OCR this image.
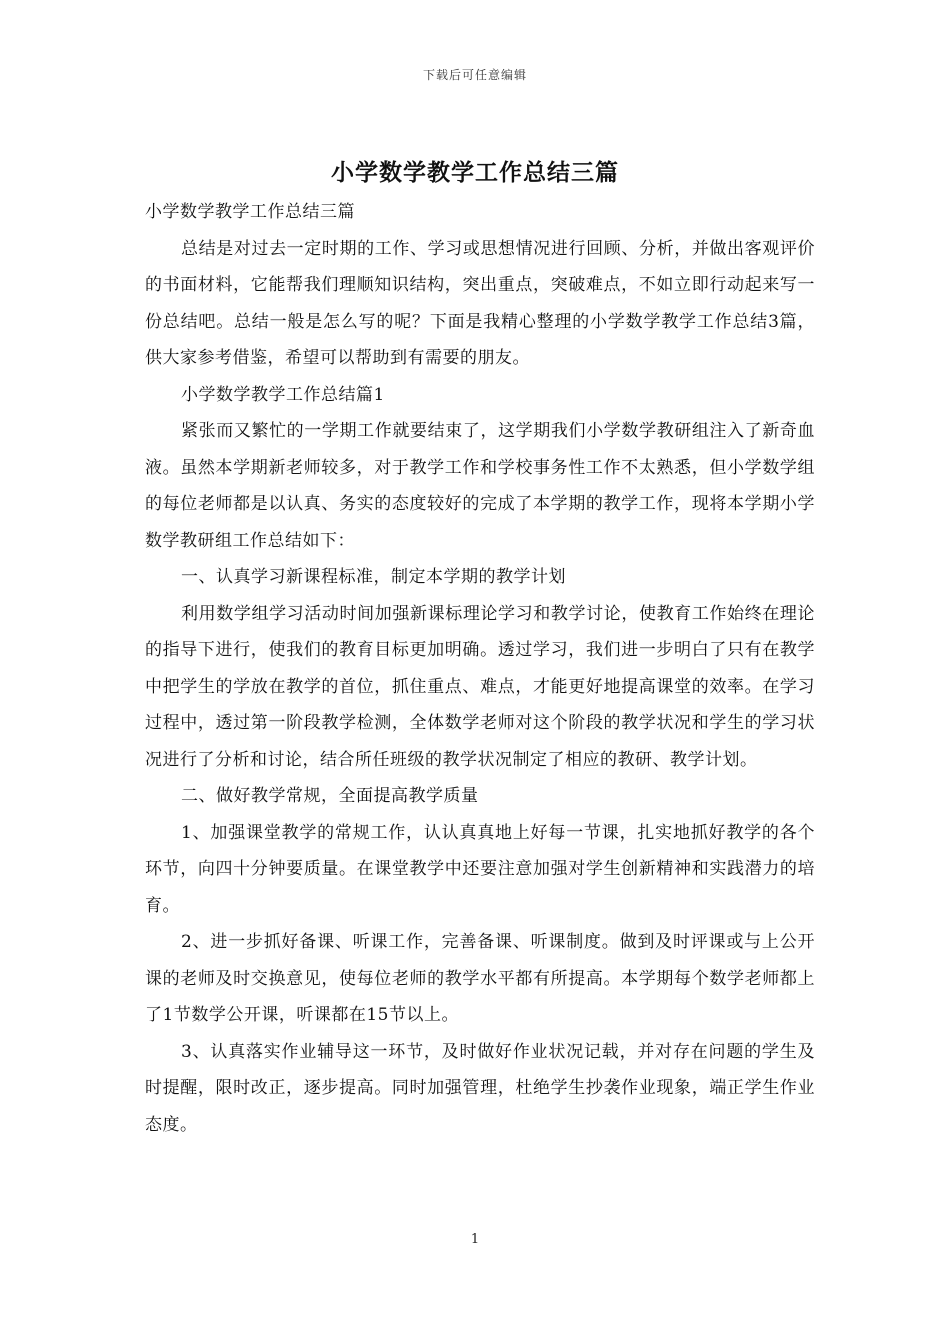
下载后可任意编辑
小学数学教学工作总结三篇

小学数学教学工作总结三篇

总结是对过去一定时期的工作、学习或思想情况进行回顾、分析，并做出客观评价的书面材料，它能帮我们理顺知识结构，突出重点，突破难点，不如立即行动起来写一份总结吧。总结一般是怎么写的呢？下面是我精心整理的小学数学教学工作总结3篇，供大家参考借鉴，希望可以帮助到有需要的朋友。

小学数学教学工作总结篇1

紧张而又繁忙的一学期工作就要结束了，这学期我们小学数学教研组注入了新奇血液。虽然本学期新老师较多，对于教学工作和学校事务性工作不太熟悉，但小学数学组的每位老师都是以认真、务实的态度较好的完成了本学期的教学工作，现将本学期小学数学教研组工作总结如下：

一、认真学习新课程标准，制定本学期的教学计划

利用数学组学习活动时间加强新课标理论学习和教学讨论，使教育工作始终在理论的指导下进行，使我们的教育目标更加明确。透过学习，我们进一步明白了只有在教学中把学生的学放在教学的首位，抓住重点、难点，才能更好地提高课堂的效率。在学习过程中，透过第一阶段教学检测，全体数学老师对这个阶段的教学状况和学生的学习状况进行了分析和讨论，结合所任班级的教学状况制定了相应的教研、教学计划。

二、做好教学常规，全面提高教学质量

1、加强课堂教学的常规工作，认认真真地上好每一节课，扎实地抓好教学的各个环节，向四十分钟要质量。在课堂教学中还要注意加强对学生创新精神和实践潜力的培育。

2、进一步抓好备课、听课工作，完善备课、听课制度。做到及时评课或与上公开课的老师及时交换意见，使每位老师的教学水平都有所提高。本学期每个数学老师都上了1节数学公开课，听课都在15节以上。

3、认真落实作业辅导这一环节，及时做好作业状况记载，并对存在问题的学生及时提醒，限时改正，逐步提高。同时加强管理，杜绝学生抄袭作业现象，端正学生作业态度。

1
